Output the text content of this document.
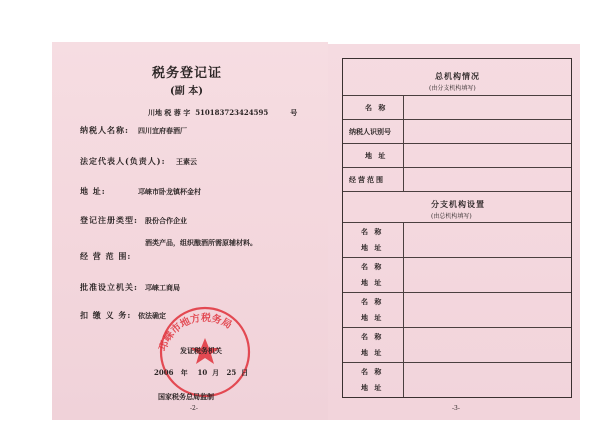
税务登记证
(副 本)
川地 税 蓉 字 510183723424595	号
纳税人名称: 四川宜府春酒厂
法定代表人(负责人): 王素云
地 址:	邛崃市卧龙镇杯金村
登记注册类型: 股份合作企业
酒类产品，组织酿酒所需原辅材料。
经 营 范 围:
批准设立机关: 邛崃工商局
扣 缴 义 务: 依法确定
邛崃市地方税务局
发证税务机关
2006 年 10 月 25 日
国家税务总局监制
-2-
总机构情况
(由分支机构填写)
名 称
纳税人识别号
地 址
经营范围
分支机构设置
(由总机构填写)
名 称
地 址
名 称
地 址
名 称
地 址
名 称
地 址
名 称
地 址
-3-
